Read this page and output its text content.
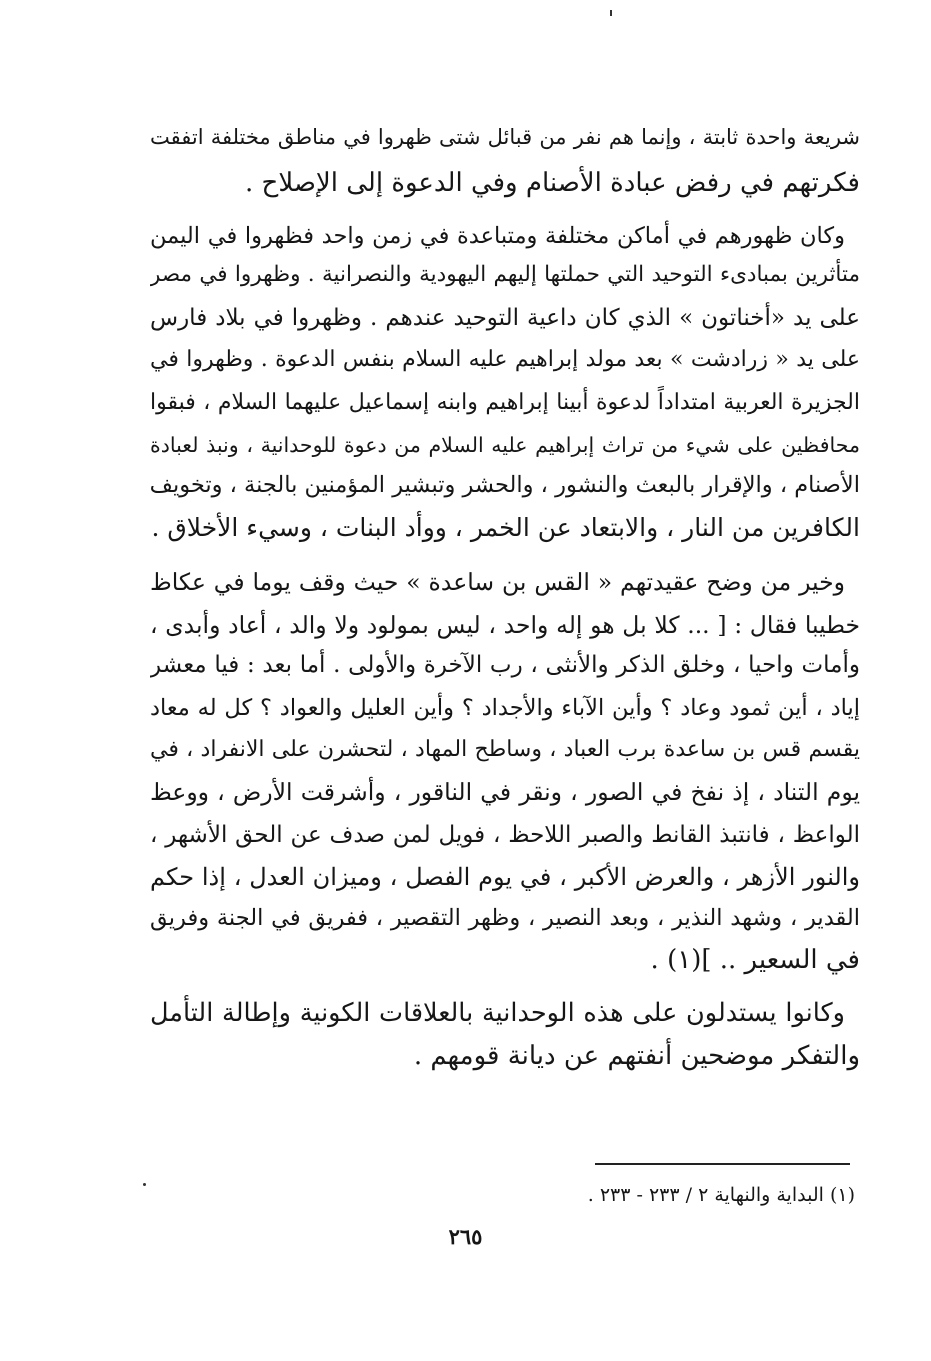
شريعة واحدة ثابتة ، وإنما هم نفر من قبائل شتى ظهروا في مناطق مختلفة اتفقت
فكرتهم في رفض عبادة الأصنام وفي الدعوة إلى الإصلاح .
وكان ظهورهم في أماكن مختلفة ومتباعدة في زمن واحد فظهروا في اليمن
متأثرين بمبادىء التوحيد التي حملتها إليهم اليهودية والنصرانية . وظهروا في مصر
على يد «أخناتون » الذي كان داعية التوحيد عندهم . وظهروا في بلاد فارس
على يد « زرادشت » بعد مولد إبراهيم عليه السلام بنفس الدعوة . وظهروا في
الجزيرة العربية امتداداً لدعوة أبينا إبراهيم وابنه إسماعيل عليهما السلام ، فبقوا
محافظين على شيء من تراث إبراهيم عليه السلام من دعوة للوحدانية ، ونبذ لعبادة
الأصنام ، والإقرار بالبعث والنشور ، والحشر وتبشير المؤمنين بالجنة ، وتخويف
الكافرين من النار ، والابتعاد عن الخمر ، ووأد البنات ، وسيء الأخلاق .
وخير من وضح عقيدتهم « القس بن ساعدة » حيث وقف يوما في عكاظ
خطيبا فقال : [ ... كلا بل هو إله واحد ، ليس بمولود ولا والد ، أعاد وأبدى ،
وأمات واحيا ، وخلق الذكر والأنثى ، رب الآخرة والأولى . أما بعد : فيا معشر
إياد ، أين ثمود وعاد ؟ وأين الآباء والأجداد ؟ وأين العليل والعواد ؟ كل له معاد
يقسم قس بن ساعدة برب العباد ، وساطح المهاد ، لتحشرن على الانفراد ، في
يوم التناد ، إذ نفخ في الصور ، ونقر في الناقور ، وأشرقت الأرض ، ووعظ
الواعظ ، فانتبذ القانط والصبر اللاحظ ، فويل لمن صدف عن الحق الأشهر ،
والنور الأزهر ، والعرض الأكبر ، في يوم الفصل ، وميزان العدل ، إذا حكم
القدير ، وشهد النذير ، وبعد النصير ، وظهر التقصير ، ففريق في الجنة وفريق
في السعير .. ](١) .
وكانوا يستدلون على هذه الوحدانية بالعلاقات الكونية وإطالة التأمل
والتفكر موضحين أنفتهم عن ديانة قومهم .
(١) البداية والنهاية ٢ / ٢٣٣ - ٢٣٣ .
٢٦٥
